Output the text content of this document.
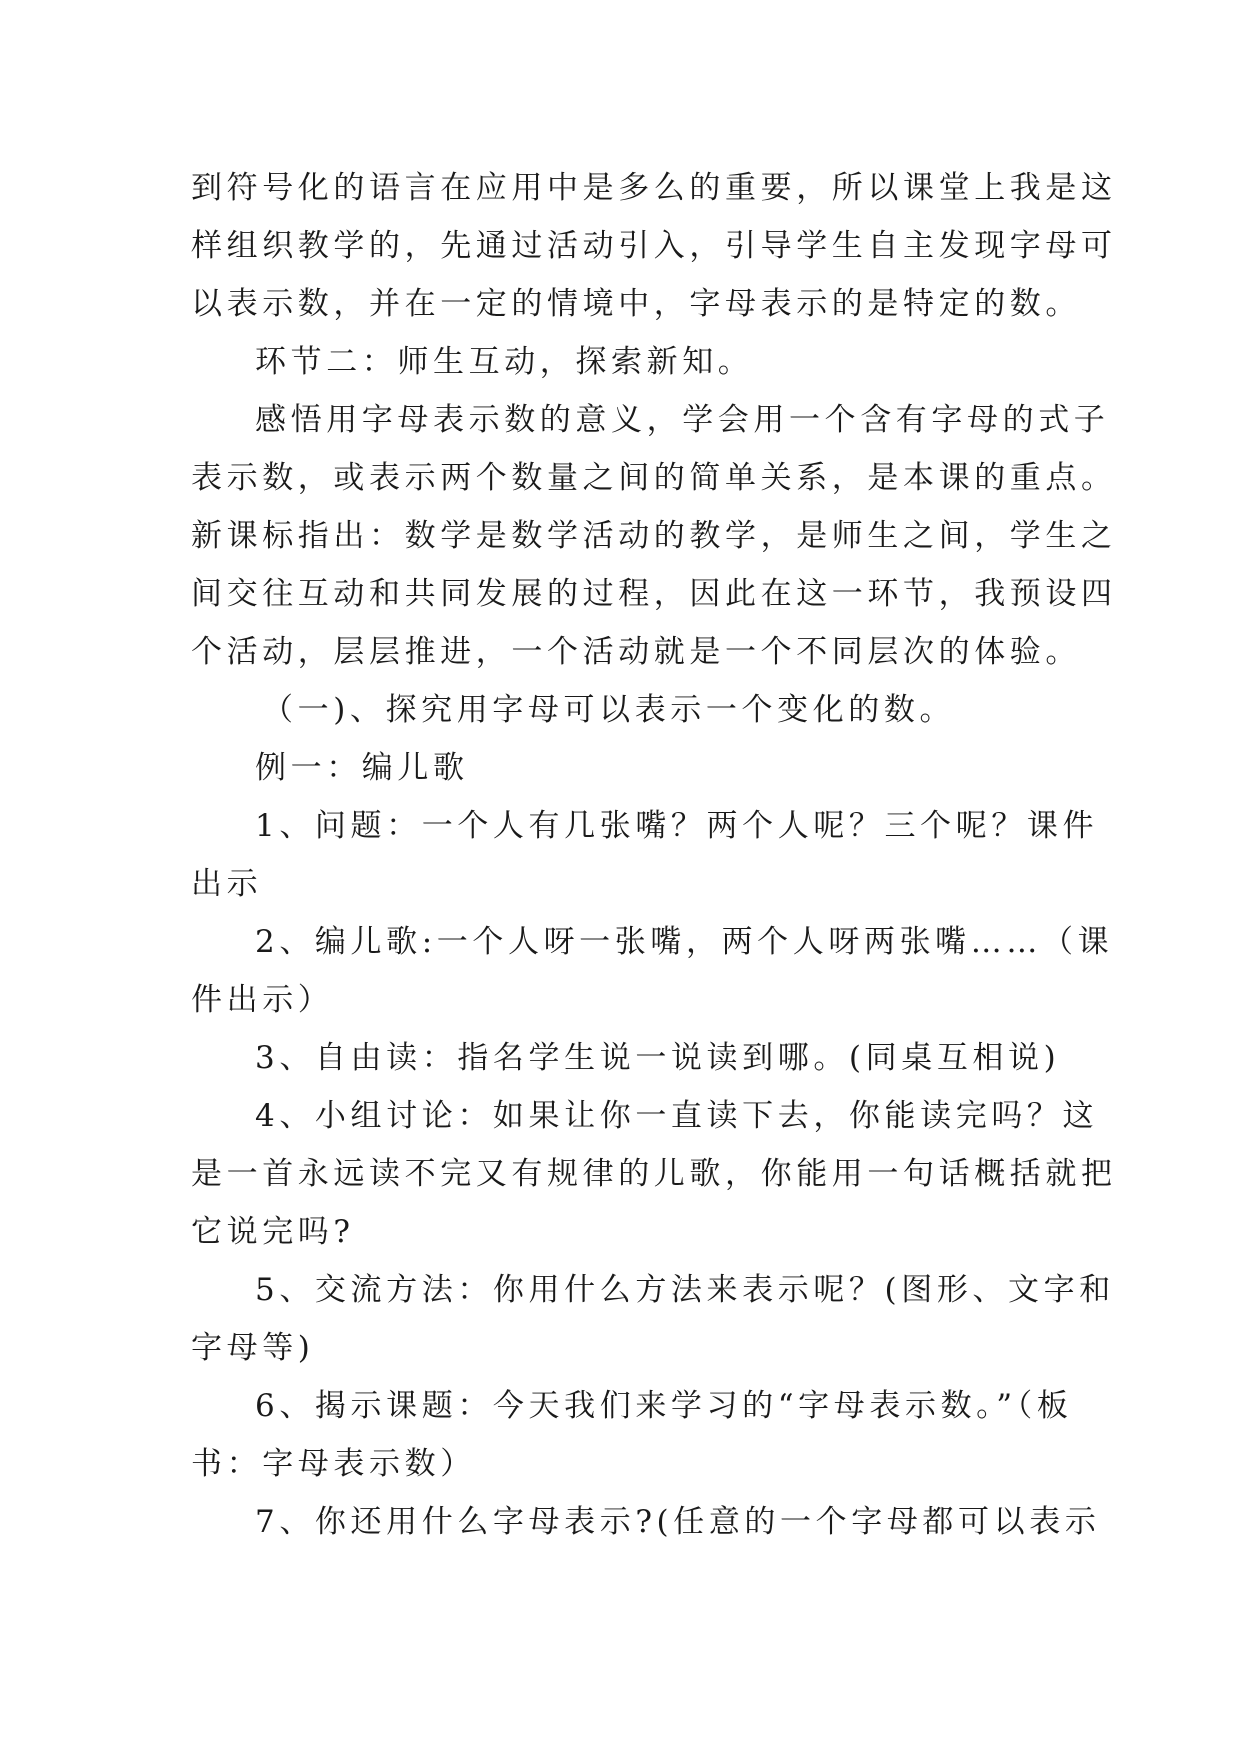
到符号化的语言在应用中是多么的重要，所以课堂上我是这
样组织教学的，先通过活动引入，引导学生自主发现字母可
以表示数，并在一定的情境中，字母表示的是特定的数。
环节二：师生互动，探索新知。
感悟用字母表示数的意义，学会用一个含有字母的式子
表示数，或表示两个数量之间的简单关系，是本课的重点。
新课标指出：数学是数学活动的教学，是师生之间，学生之
间交往互动和共同发展的过程，因此在这一环节，我预设四
个活动，层层推进，一个活动就是一个不同层次的体验。
（一)、探究用字母可以表示一个变化的数。
例一：编儿歌
1、问题：一个人有几张嘴？两个人呢？三个呢？课件
出示
2、编儿歌:一个人呀一张嘴，两个人呀两张嘴……（课
件出示）
3、自由读：指名学生说一说读到哪。(同桌互相说)
4、小组讨论：如果让你一直读下去，你能读完吗？这
是一首永远读不完又有规律的儿歌，你能用一句话概括就把
它说完吗?
5、交流方法：你用什么方法来表示呢？(图形、文字和
字母等)
6、揭示课题：今天我们来学习的“字母表示数。”（板
书：字母表示数）
7、你还用什么字母表示?(任意的一个字母都可以表示
